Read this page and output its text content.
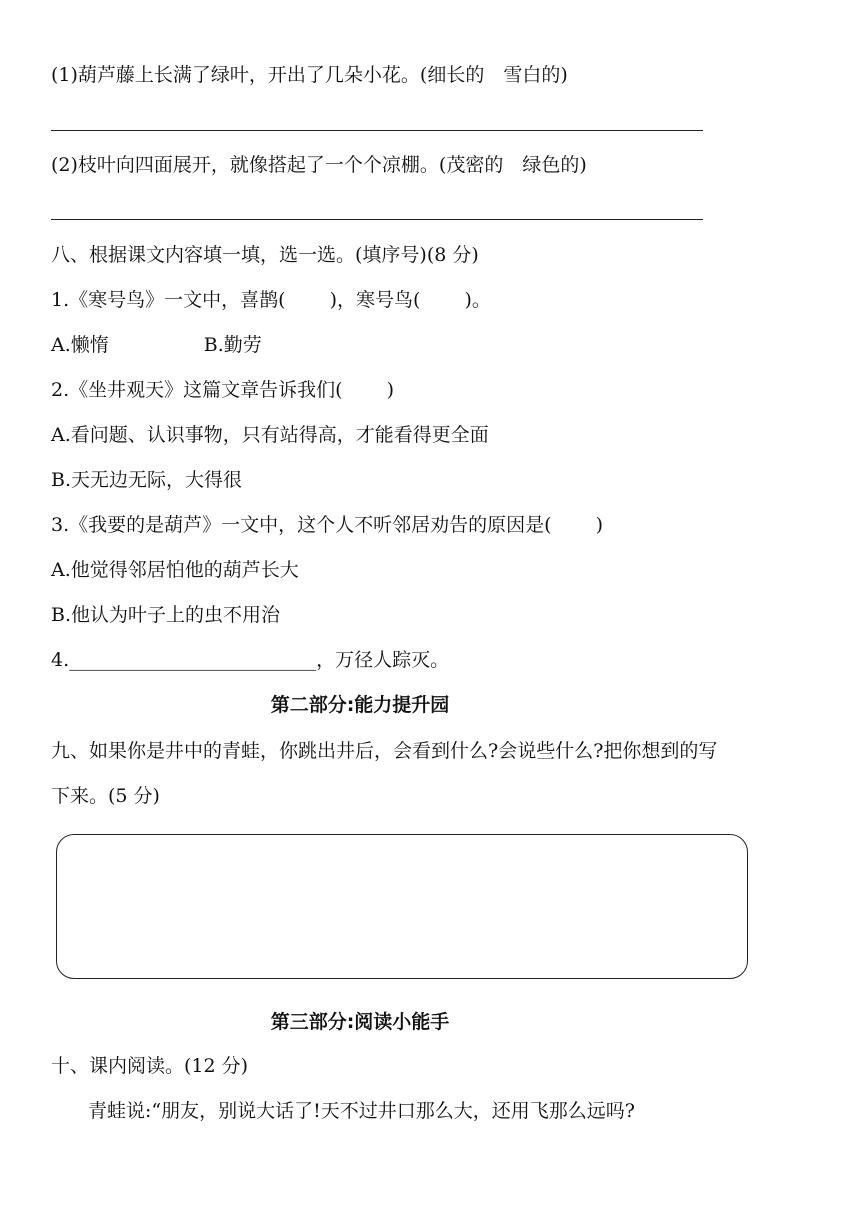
(1)葫芦藤上长满了绿叶，开出了几朵小花。(细长的　雪白的)
(2)枝叶向四面展开，就像搭起了一个个凉棚。(茂密的　绿色的)
八、根据课文内容填一填，选一选。(填序号)(8 分)
1.《寒号鸟》一文中，喜鹊(　　 )，寒号鸟(　　 )。
A.懒惰　　　　　B.勤劳
2.《坐井观天》这篇文章告诉我们(　　 )
A.看问题、认识事物，只有站得高，才能看得更全面
B.天无边无际，大得很
3.《我要的是葫芦》一文中，这个人不听邻居劝告的原因是(　　 )
A.他觉得邻居怕他的葫芦长大
B.他认为叶子上的虫不用治
4.__________________________，万径人踪灭。
第二部分:能力提升园
九、如果你是井中的青蛙，你跳出井后，会看到什么?会说些什么?把你想到的写
下来。(5 分)
第三部分:阅读小能手
十、课内阅读。(12 分)
青蛙说:“朋友，别说大话了!天不过井口那么大，还用飞那么远吗?
